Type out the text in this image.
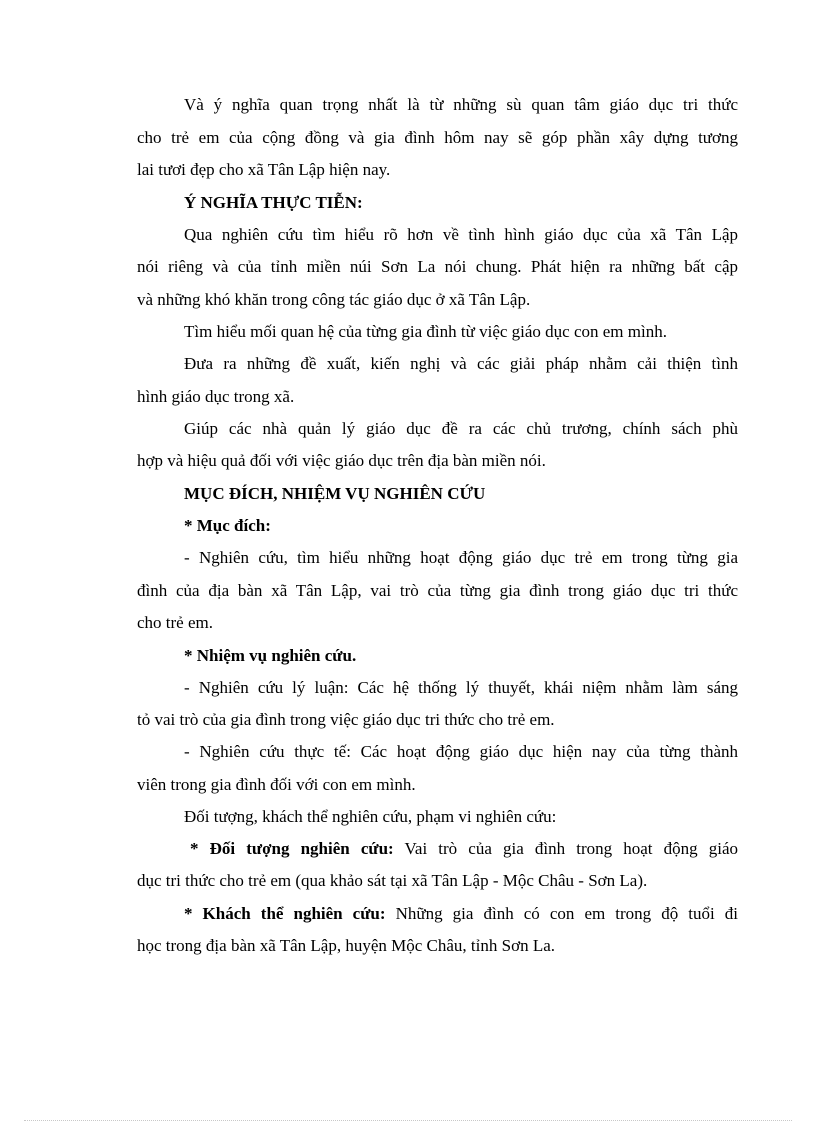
Và ý nghĩa quan trọng nhất là từ những sù quan tâm giáo dục tri thức
cho trẻ em của cộng đồng và gia đình hôm nay sẽ góp phần xây dựng tương
lai tươi đẹp cho xã Tân Lập hiện nay.
Ý NGHĨA THỰC TIỄN:
Qua nghiên cứu tìm hiểu rõ hơn về tình hình giáo dục của xã Tân Lập
nói riêng và của tỉnh miền núi Sơn La nói chung. Phát hiện ra những bất cập
và những khó khăn trong công tác giáo dục ở xã Tân Lập.
Tìm hiểu mối quan hệ của từng gia đình từ việc giáo dục con em mình.
Đưa ra những đề xuất, kiến nghị và các giải pháp nhằm cải thiện tình
hình giáo dục trong xã.
Giúp các nhà quản lý giáo dục đề ra các chủ trương, chính sách phù
hợp và hiệu quả đối với việc giáo dục trên địa bàn miền nói.
MỤC ĐÍCH, NHIỆM VỤ NGHIÊN CỨU
* Mục đích:
- Nghiên cứu, tìm hiểu những hoạt động giáo dục trẻ em trong từng gia
đình của địa bàn xã Tân Lập, vai trò của từng gia đình trong giáo dục tri thức
cho trẻ em.
* Nhiệm vụ nghiên cứu.
- Nghiên cứu lý luận: Các hệ thống lý thuyết, khái niệm nhằm làm sáng
tỏ vai trò của gia đình trong việc giáo dục tri thức cho trẻ em.
- Nghiên cứu thực tế: Các hoạt động giáo dục hiện nay của từng thành
viên trong gia đình đối với con em mình.
Đối tượng, khách thể nghiên cứu, phạm vi nghiên cứu:
* Đối tượng nghiên cứu: Vai trò của gia đình trong hoạt động giáo
dục tri thức cho trẻ em (qua khảo sát tại xã Tân Lập - Mộc Châu - Sơn La).
* Khách thể nghiên cứu: Những gia đình có con em trong độ tuổi đi
học trong địa bàn xã Tân Lập, huyện Mộc Châu, tỉnh Sơn La.
